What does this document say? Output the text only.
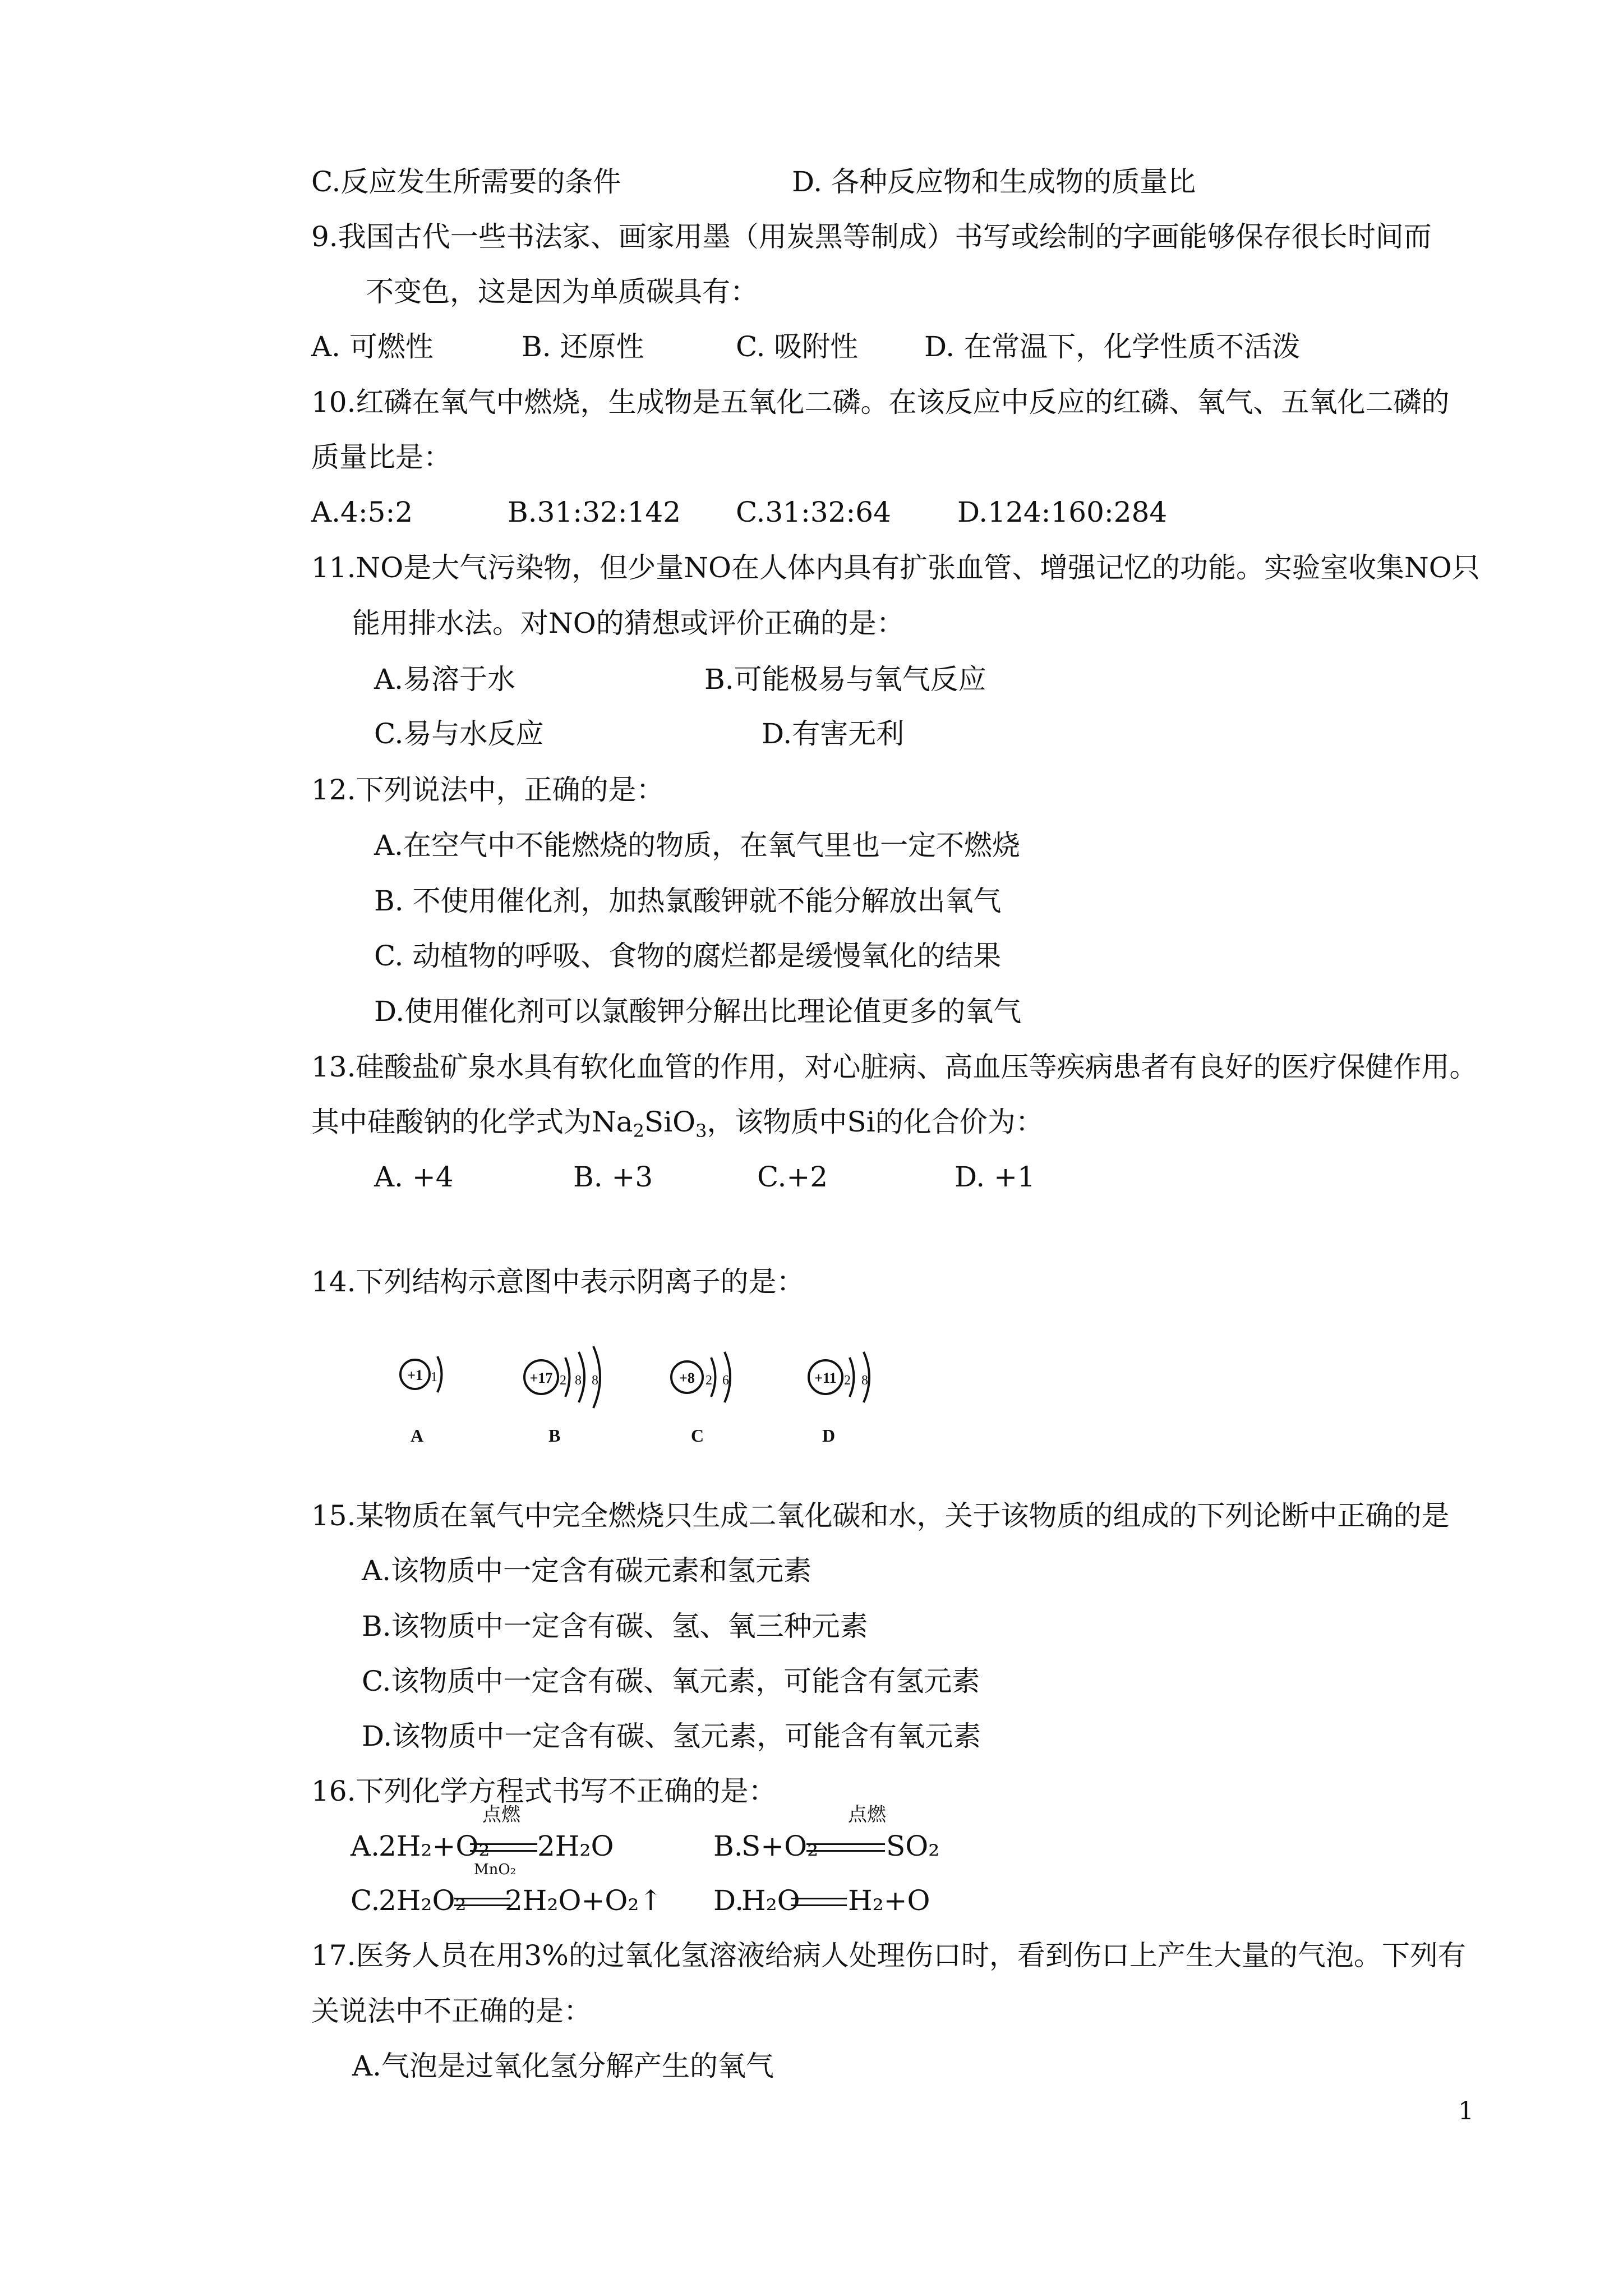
C.反应发生所需要的条件	D. 各种反应物和生成物的质量比
9.我国古代一些书法家、画家用墨（用炭黑等制成）书写或绘制的字画能够保存很长时间而
不变色，这是因为单质碳具有：
A. 可燃性	B. 还原性	C. 吸附性 D. 在常温下，化学性质不活泼
10.红磷在氧气中燃烧，生成物是五氧化二磷。在该反应中反应的红磷、氧气、五氧化二磷的
质量比是：
A.4:5:2	B.31:32:142 C.31:32:64 D.124:160:284
11.NO是大气污染物，但少量NO在人体内具有扩张血管、增强记忆的功能。实验室收集NO只
能用排水法。对NO的猜想或评价正确的是：
A.易溶于水	B.可能极易与氧气反应
C.易与水反应	D.有害无利
12.下列说法中，正确的是：
A.在空气中不能燃烧的物质，在氧气里也一定不燃烧
B. 不使用催化剂，加热氯酸钾就不能分解放出氧气
C. 动植物的呼吸、食物的腐烂都是缓慢氧化的结果
D.使用催化剂可以氯酸钾分解出比理论值更多的氧气
13.硅酸盐矿泉水具有软化血管的作用，对心脏病、高血压等疾病患者有良好的医疗保健作用。
其中硅酸钠的化学式为$Na_2SiO_3$，该物质中Si的化合价为：
A. +4	B. +3	C.+2	D. +1
14.下列结构示意图中表示阴离子的是：
+1 1
A
+17 2 8 8
B
+8 2 6
C
+11 2 8
D
15.某物质在氧气中完全燃烧只生成二氧化碳和水，关于该物质的组成的下列论断中正确的是
A.该物质中一定含有碳元素和氢元素
B.该物质中一定含有碳、氢、氧三种元素
C.该物质中一定含有碳、氧元素，可能含有氢元素
D.该物质中一定含有碳、氢元素，可能含有氧元素
16.下列化学方程式书写不正确的是：
A.
2H₂+O₂
点燃
2H₂O	B.
S+O₂
点燃
SO₂
C.
2H₂O₂
MnO₂
2H₂O+O₂↑ D.
H₂O H₂+O
17.医务人员在用3%的过氧化氢溶液给病人处理伤口时，看到伤口上产生大量的气泡。下列有
关说法中不正确的是：
A.气泡是过氧化氢分解产生的氧气
1
